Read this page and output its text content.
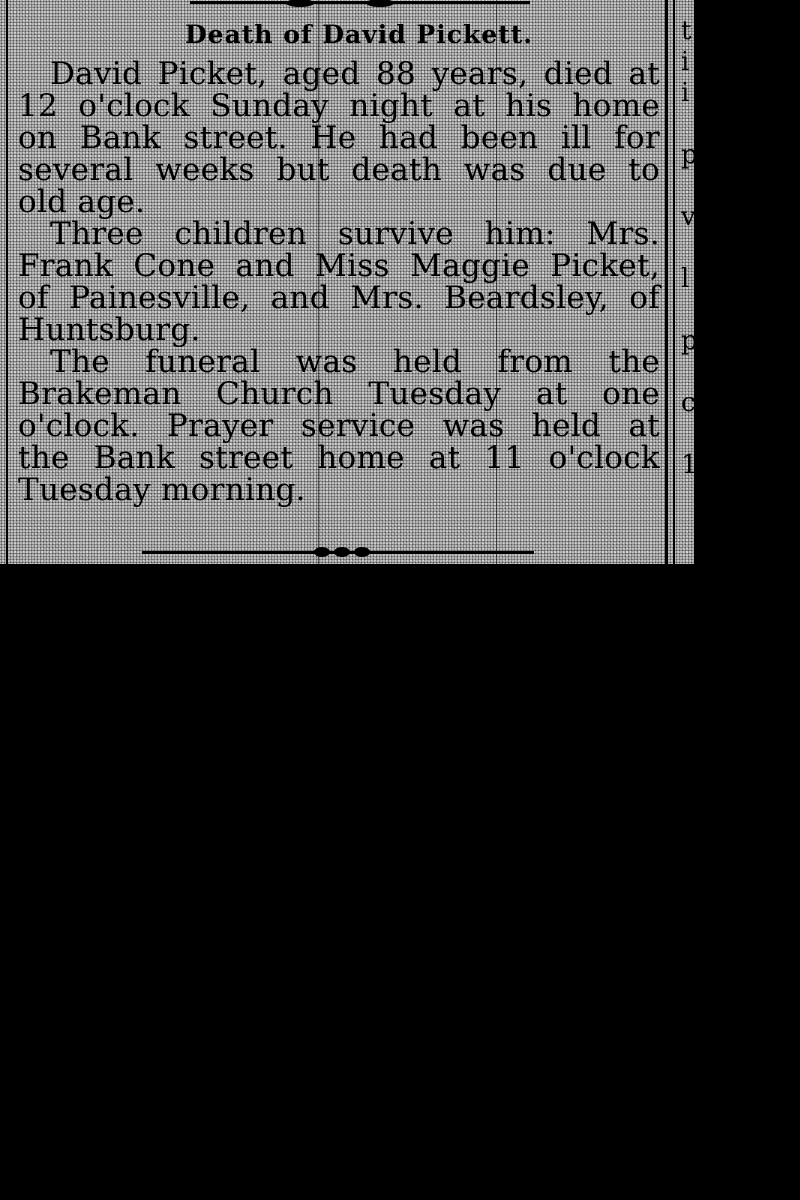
Death of David Pickett.
David Picket, aged 88 years, died at
12 o'clock Sunday night at his home
on Bank street. He had been ill for
several weeks but death was due to
old age.
Three children survive him: Mrs.
Frank Cone and Miss Maggie Picket,
of Painesville, and Mrs. Beardsley, of
Huntsburg.
The funeral was held from the
Brakeman Church Tuesday at one
o'clock. Prayer service was held at
the Bank street home at 11 o'clock
Tuesday morning.
t
i
i
p
v
l
p
c
1
